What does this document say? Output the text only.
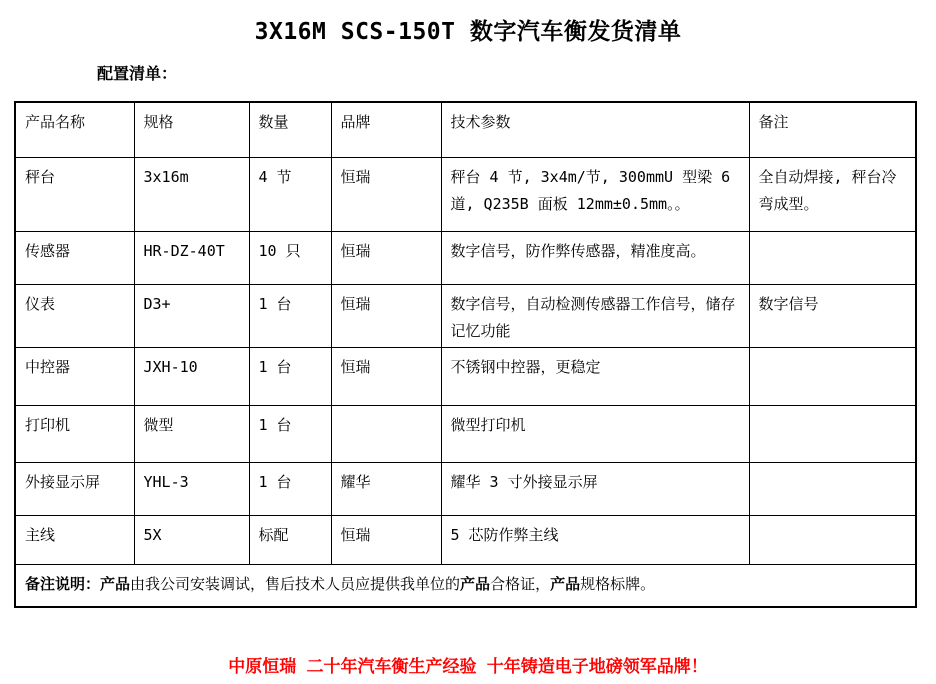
3X16M SCS-150T 数字汽车衡发货清单
配置清单：
产品名称	规格	数量	品牌	技术参数	备注
秤台	3x16m	4 节	恒瑞	秤台 4 节, 3x4m/节, 300mmU 型梁 6 道, Q235B 面板 12mm±0.5mm。。	全自动焊接, 秤台冷弯成型。
传感器	HR-DZ-40T	10 只	恒瑞	数字信号，防作弊传感器，精准度高。	
仪表	D3+	1 台	恒瑞	数字信号，自动检测传感器工作信号，储存记忆功能	数字信号
中控器	JXH-10	1 台	恒瑞	不锈钢中控器，更稳定	
打印机	微型	1 台		微型打印机	
外接显示屏	YHL-3	1 台	耀华	耀华 3 寸外接显示屏	
主线	5X	标配	恒瑞	5 芯防作弊主线	
备注说明：产品由我公司安装调试，售后技术人员应提供我单位的产品合格证，产品规格标牌。					
中原恒瑞 二十年汽车衡生产经验 十年铸造电子地磅领军品牌！
